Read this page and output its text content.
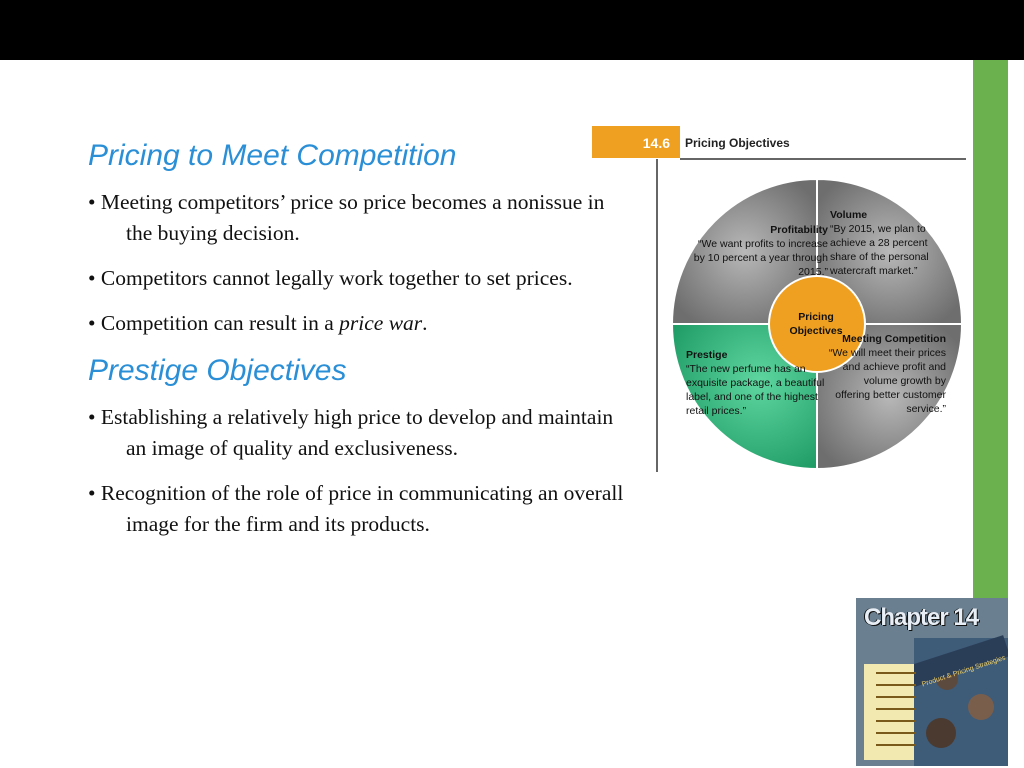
Pricing to Meet Competition

• Meeting competitors’ price so price becomes a nonissue in the buying decision.

• Competitors cannot legally work together to set prices.

• Competition can result in a price war.

Prestige Objectives

• Establishing a relatively high price to develop and maintain an image of quality and exclusiveness.

• Recognition of the role of price in communicating an overall image for the firm and its products.

14.6	Pricing Objectives
Profitability
“We want profits to increase by 10 percent a year through 2015.”
Volume
“By 2015, we plan to achieve a 28 percent share of the personal watercraft market.”
Meeting Competition
“We will meet their prices and achieve profit and volume growth by offering better customer service.”
Prestige
“The new perfume has an exquisite package, a beautiful label, and one of the highest retail prices.”
Pricing Objectives
Product & Pricing Strategies
Chapter 14
